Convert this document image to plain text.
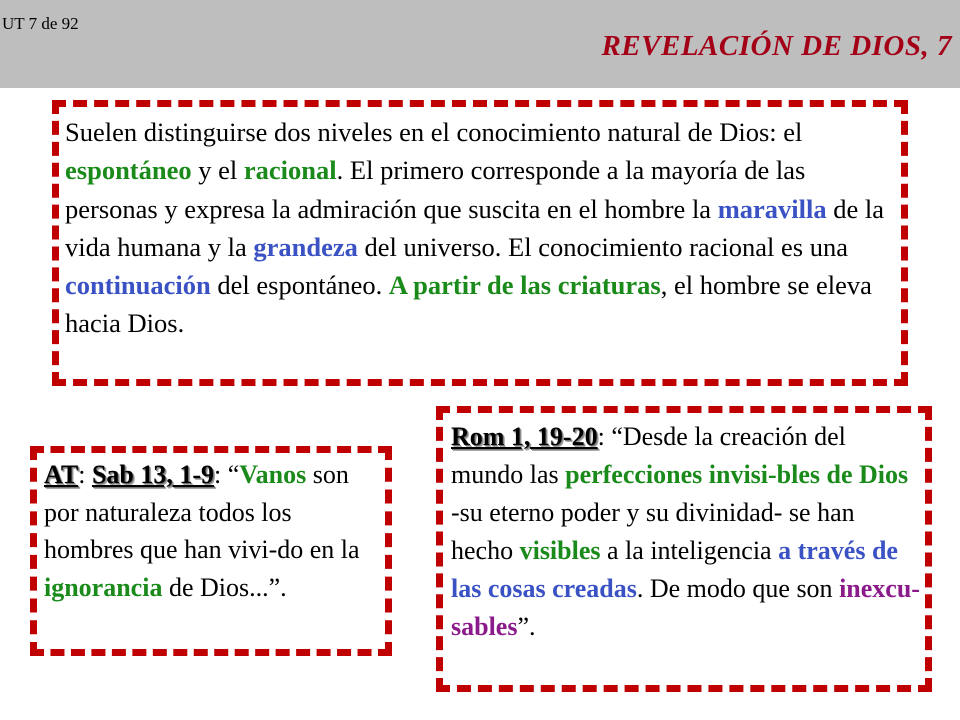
UT 7 de 92
REVELACIÓN DE DIOS, 7
Suelen distinguirse dos niveles en el conocimiento natural de Dios: el espontáneo y el racional. El primero corresponde a la mayoría de las personas y expresa la admiración que suscita en el hombre la maravilla de la vida humana y la grandeza del universo. El conocimiento racional es una continuación del espontáneo. A partir de las criaturas, el hombre se eleva hacia Dios.
AT: Sab 13, 1-9: “Vanos son por naturaleza todos los hombres que han vivi-do en la ignorancia de Dios...”.
Rom 1, 19-20: “Desde la creación del mundo las perfecciones invisi-bles de Dios -su eterno poder y su divinidad- se han hecho visibles a la inteligencia a través de las cosas creadas. De modo que son inexcu-sables”.
